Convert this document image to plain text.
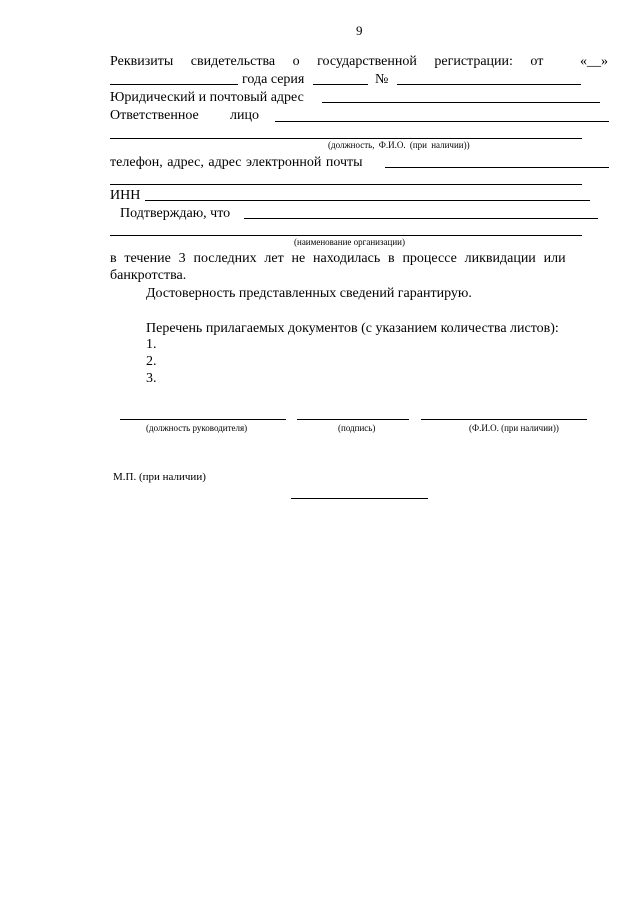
9
Реквизиты свидетельства о государственной регистрации: от	«__»
года серия	№
Юридический и почтовый адрес
Ответственное лицо
(должность, Ф.И.О. (при наличии))
телефон, адрес, адрес электронной почты
ИНН
Подтверждаю, что
(наименование организации)
в течение 3 последних лет не находилась в процессе ликвидации или
банкротства.
Достоверность представленных сведений гарантирую.
Перечень прилагаемых документов (с указанием количества листов):
1.
2.
3.
(должность руководителя)	(подпись)	(Ф.И.О. (при наличии))
М.П. (при наличии)
